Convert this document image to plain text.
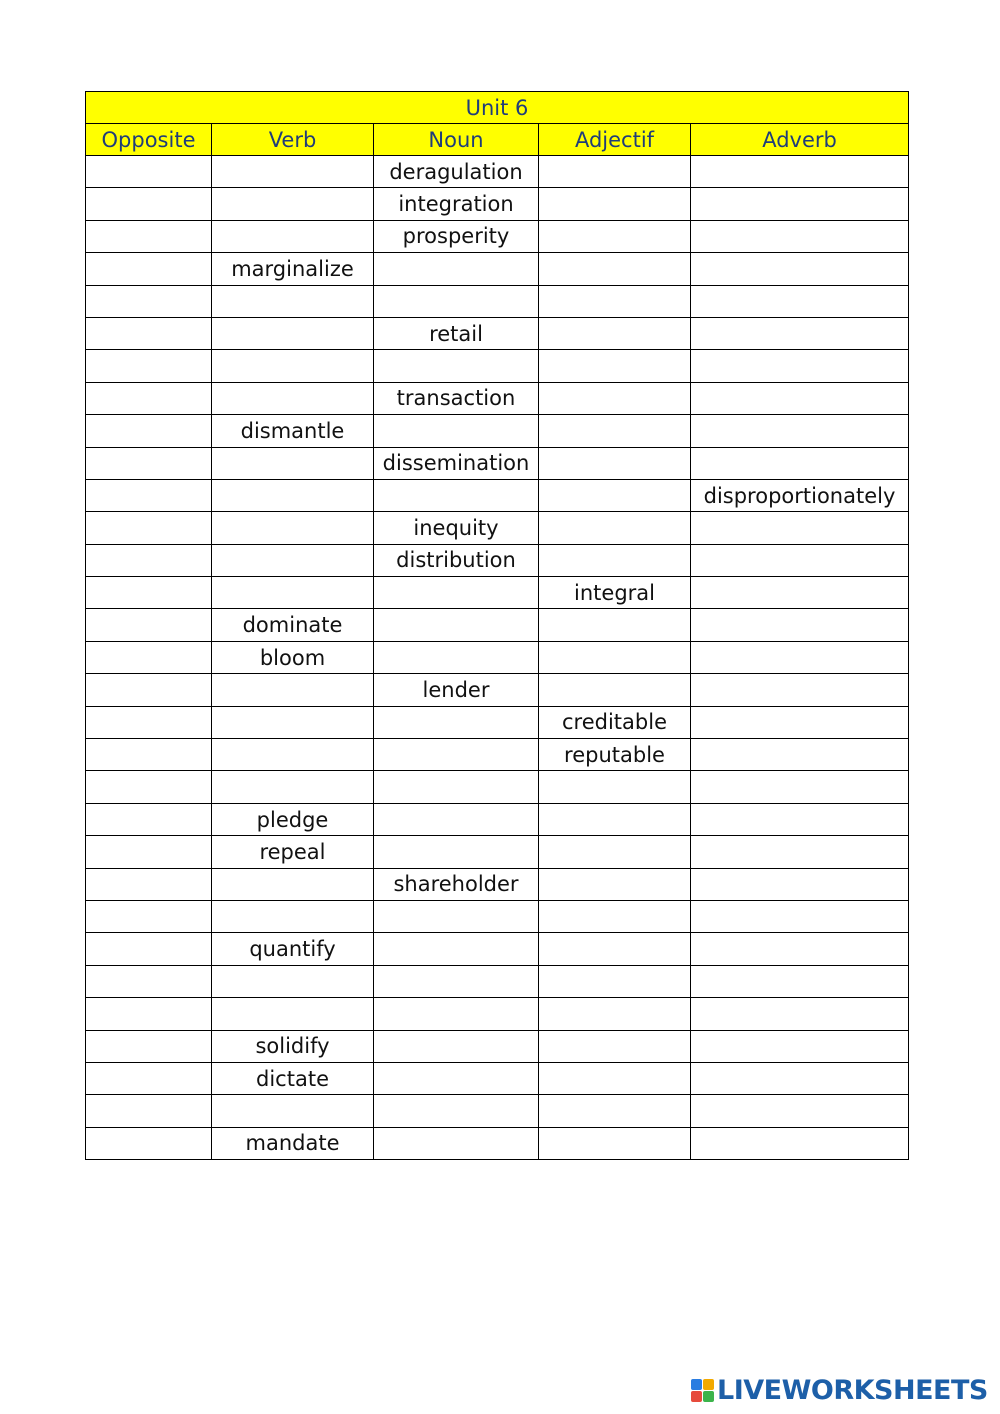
Unit 6				
Opposite	Verb	Noun	Adjectif	Adverb
		deragulation		
		integration		
		prosperity		
	marginalize			

		retail		

		transaction		
	dismantle			
		dissemination		
				disproportionately
		inequity		
		distribution		
			integral	
	dominate			
	bloom			
		lender		
			creditable	
			reputable	

	pledge			
	repeal			
		shareholder		

	quantify			

	solidify			
	dictate			

	mandate			
LIVEWORKSHEETS
